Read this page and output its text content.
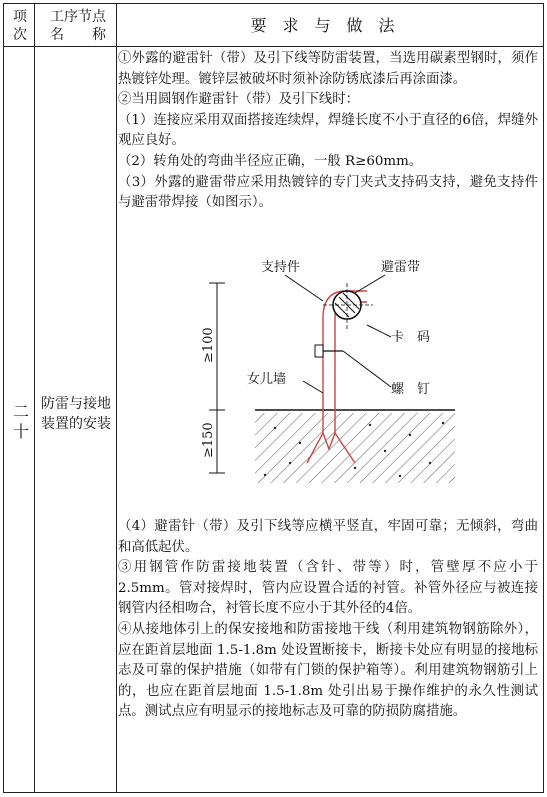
项次
工序节点
名　　称	要求与做法
二十
防雷与接地装置的安装

①外露的避雷针（带）及引下线等防雷装置，当选用碳素型钢时，须作热镀锌处理。镀锌层被破坏时须补涂防锈底漆后再涂面漆。

②当用圆钢作避雷针（带）及引下线时：

（1）连接应采用双面搭接连续焊，焊缝长度不小于直径的6倍，焊缝外观应良好。

（2）转角处的弯曲半径应正确，一般 R≥60mm。

（3）外露的避雷带应采用热镀锌的专门夹式支持码支持，避免支持件与避雷带焊接（如图示）。

≥100
≥150
支持件	避雷带
卡　码
女儿墙
螺　钉

（4）避雷针（带）及引下线等应横平竖直，牢固可靠；无倾斜，弯曲和高低起伏。

③用钢管作防雷接地装置（含针、带等）时，管壁厚不应小于2.5mm。管对接焊时，管内应设置合适的衬管。补管外径应与被连接钢管内径相吻合，衬管长度不应小于其外径的4倍。

④从接地体引上的保安接地和防雷接地干线（利用建筑物钢筋除外），应在距首层地面 1.5-1.8m 处设置断接卡，断接卡处应有明显的接地标志及可靠的保护措施（如带有门锁的保护箱等）。利用建筑物钢筋引上的，也应在距首层地面 1.5-1.8m 处引出易于操作维护的永久性测试点。测试点应有明显示的接地标志及可靠的防损防腐措施。
